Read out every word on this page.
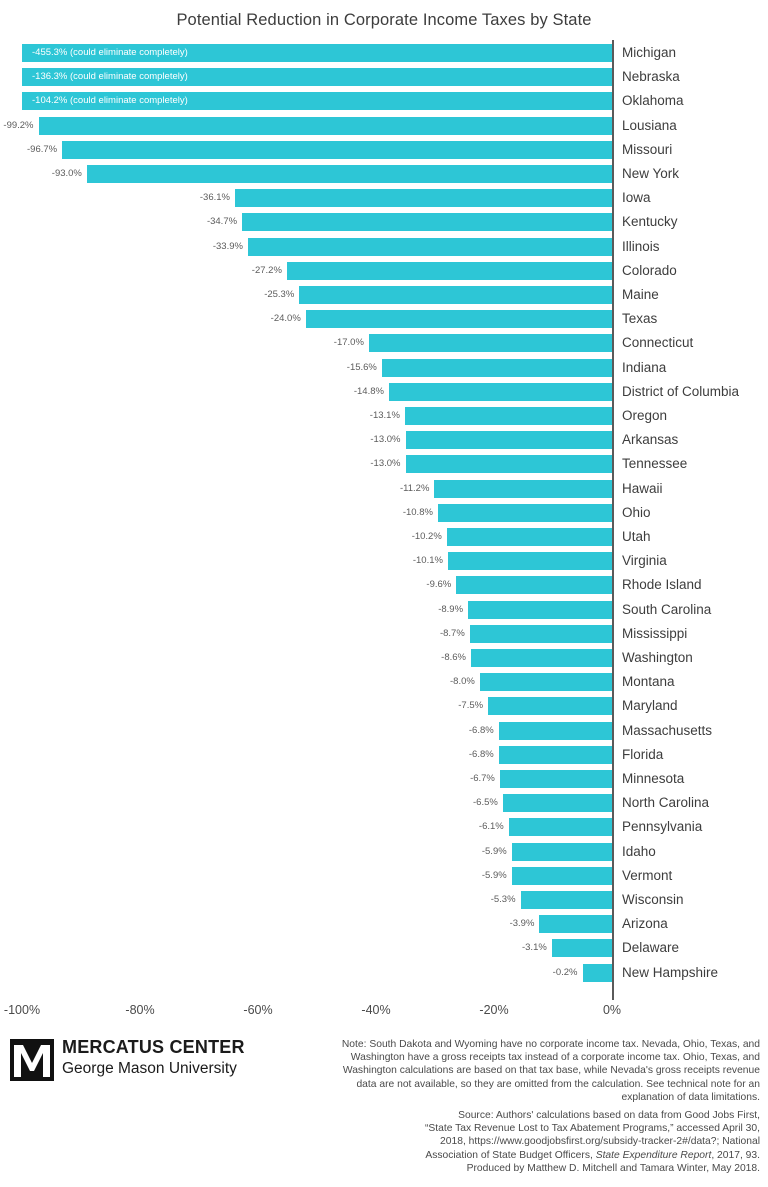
Potential Reduction in Corporate Income Taxes by State
-455.3% (could eliminate completely)	Michigan
-136.3% (could eliminate completely)	Nebraska
-104.2% (could eliminate completely)	Oklahoma
-99.2%	Lousiana
-96.7%	Missouri
-93.0%	New York
-36.1%	Iowa
-34.7%	Kentucky
-33.9%	Illinois
-27.2%	Colorado
-25.3%	Maine
-24.0%	Texas
-17.0%	Connecticut
-15.6%	Indiana
-14.8%	District of Columbia
-13.1%	Oregon
-13.0%	Arkansas
-13.0%	Tennessee
-11.2%	Hawaii
-10.8%	Ohio
-10.2%	Utah
-10.1%	Virginia
-9.6%	Rhode Island
-8.9%	South Carolina
-8.7%	Mississippi
-8.6%	Washington
-8.0%	Montana
-7.5%	Maryland
-6.8%	Massachusetts
-6.8%	Florida
-6.7%	Minnesota
-6.5%	North Carolina
-6.1%	Pennsylvania
-5.9%	Idaho
-5.9%	Vermont
-5.3%	Wisconsin
-3.9%	Arizona
-3.1%	Delaware
-0.2%	New Hampshire
-100%	-80%	-60%	-40%	-20%	0%
MERCATUS CENTER
George Mason University

Note: South Dakota and Wyoming have no corporate income tax. Nevada, Ohio, Texas, and Washington have a gross receipts tax instead of a corporate income tax. Ohio, Texas, and Washington calculations are based on that tax base, while Nevada's gross receipts revenue data are not available, so they are omitted from the calculation. See technical note for an explanation of data limitations.

Source: Authors' calculations based on data from Good Jobs First,

“State Tax Revenue Lost to Tax Abatement Programs,” accessed April 30,

2018, https://www.goodjobsfirst.org/subsidy-tracker-2#/data?; National

Association of State Budget Officers, State Expenditure Report, 2017, 93.

Produced by Matthew D. Mitchell and Tamara Winter, May 2018.
